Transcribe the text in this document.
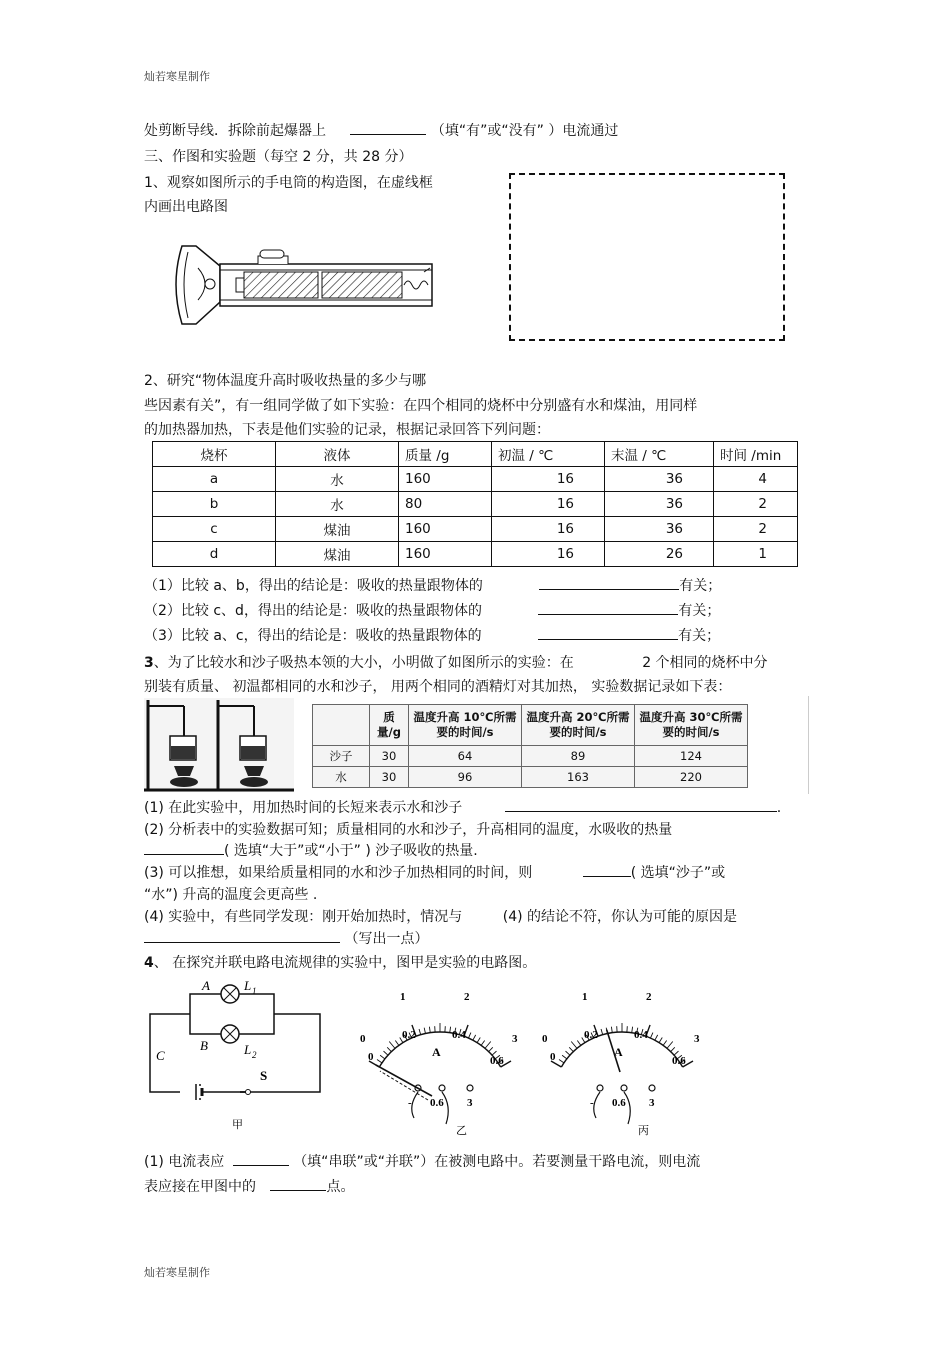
灿若寒星制作
灿若寒星制作
处剪断导线．拆除前起爆器上	（填“有”或“没有” ）电流通过
三、作图和实验题（每空 2 分，共 28 分）
1、观察如图所示的手电筒的构造图，在虚线框
内画出电路图
2、研究“物体温度升高时吸收热量的多少与哪
些因素有关”，有一组同学做了如下实验：在四个相同的烧杯中分别盛有水和煤油，用同样
的加热器加热，下表是他们实验的记录，根据记录回答下列问题：
烧杯	液体	质量 /g	初温 / ℃	末温 / ℃	时间 /min
a	水	160	16	36	4
b	水	80	16	36	2
c	煤油	160	16	36	2
d	煤油	160	16	26	1
（1）比较 a、b，得出的结论是：吸收的热量跟物体的	有关；
（2）比较 c、d，得出的结论是：吸收的热量跟物体的	有关；
（3）比较 a、c，得出的结论是：吸收的热量跟物体的	有关；
3、为了比较水和沙子吸热本领的大小，小明做了如图所示的实验：在	2 个相同的烧杯中分
别装有质量、 初温都相同的水和沙子， 用两个相同的酒精灯对其加热， 实验数据记录如下表：
	质量/g	温度升高 10℃所需要的时间/s	温度升高 20℃所需要的时间/s	温度升高 30℃所需要的时间/s
沙子	30	64	89	124
水	30	96	163	220
(1) 在此实验中，用加热时间的长短来表示水和沙子	.
(2) 分析表中的实验数据可知；质量相同的水和沙子，升高相同的温度，水吸收的热量
( 选填“大于”或“小于” ) 沙子吸收的热量.
(3) 可以推想，如果给质量相同的水和沙子加热相同的时间，则	( 选填“沙子”或
“水”) 升高的温度会更高些 .
(4) 实验中，有些同学发现：刚开始加热时，情况与	(4) 的结论不符，你认为可能的原因是
（写出一点）
4、 在探究并联电路电流规律的实验中，图甲是实验的电路图。
A
B
C
S
L 1
L 2
甲
0
1	2
3
0
0.2	0.4
0.6
A
- 0.6 3
乙
0
1	2
3
0
0.2	0.4
0.6
A
- 0.6 3
丙
(1) 电流表应	（填“串联”或“并联”）在被测电路中。若要测量干路电流，则电流
表应接在甲图中的	点。
